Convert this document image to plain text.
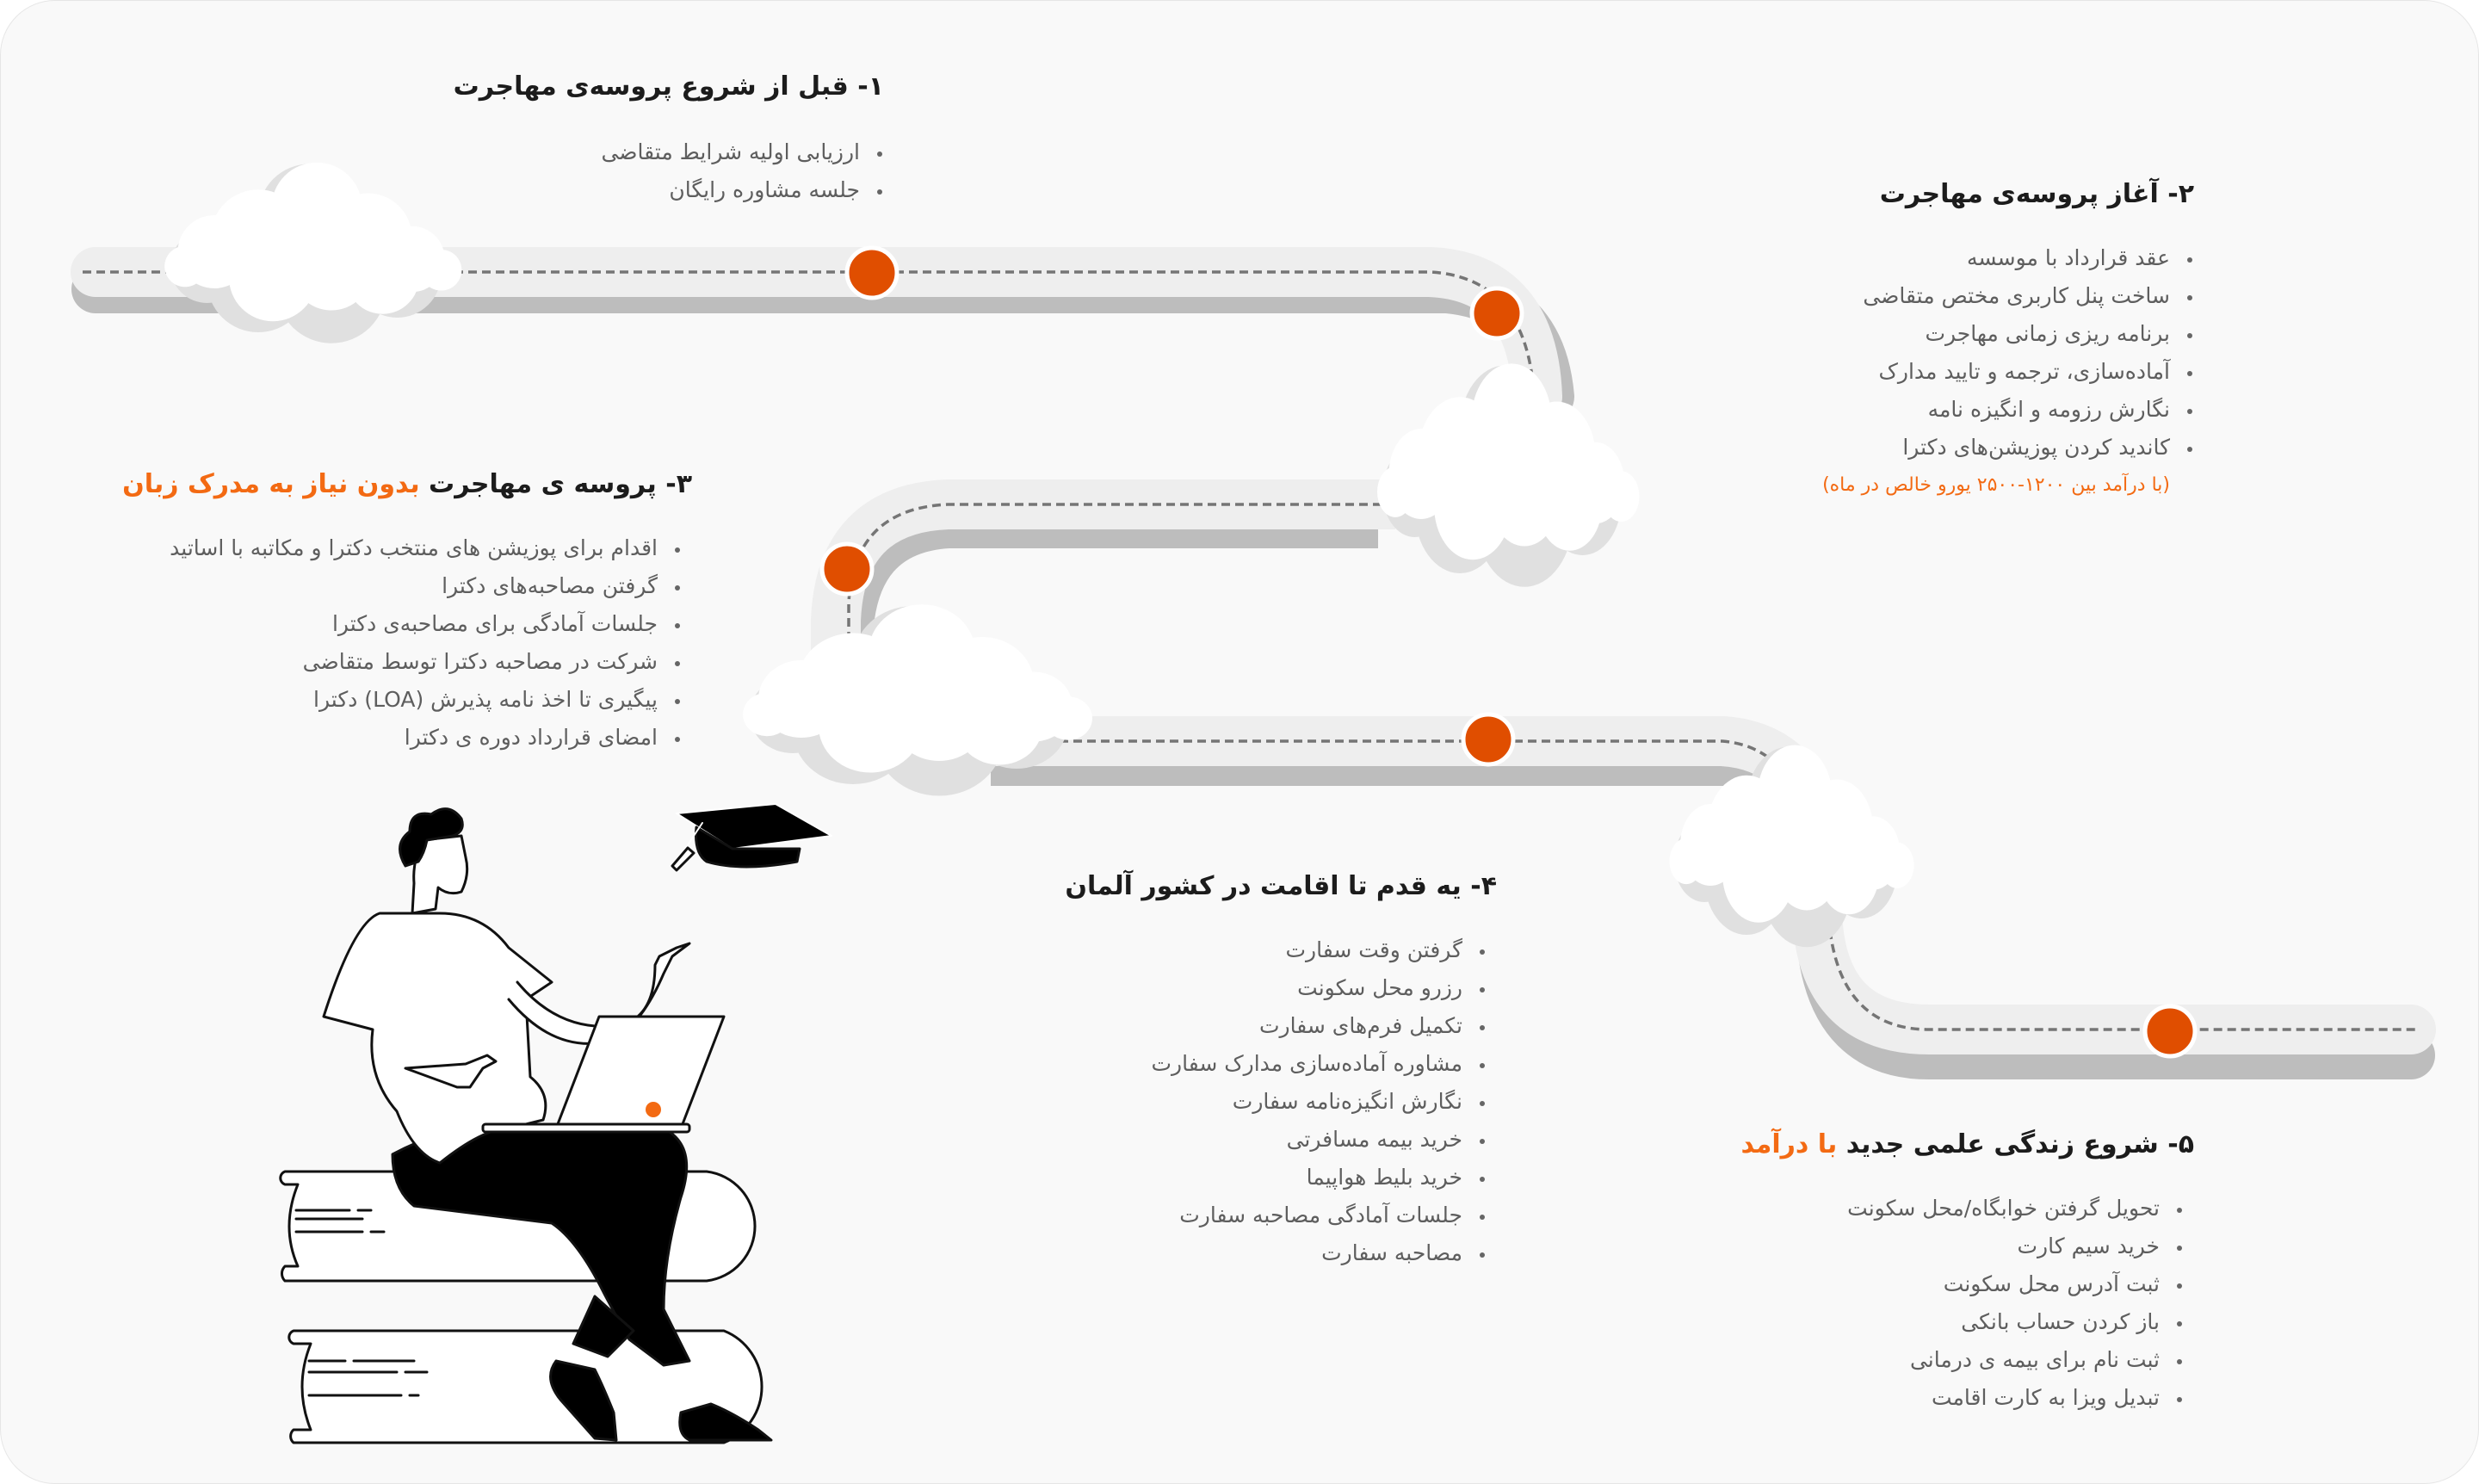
۱- قبل از شروع پروسه‌ی مهاجرت
ارزیابی اولیه شرایط متقاضی
جلسه مشاوره رایگان	۲- آغاز پروسه‌ی مهاجرت
عقد قرارداد با موسسه
ساخت پنل کاربری مختص متقاضی
برنامه ریزی زمانی مهاجرت
آماده‌سازی، ترجمه و تایید مدارک
نگارش رزومه و انگیزه نامه
کاندید کردن پوزیشن‌های دکترا
(با درآمد بین ۱۲۰۰-۲۵۰۰ یورو خالص در ماه)
۳- پروسه ی مهاجرت بدون نیاز به مدرک زبان
اقدام برای پوزیشن های منتخب دکترا و مکاتبه با اساتید
گرفتن مصاحبه‌های دکترا
جلسات آمادگی برای مصاحبه‌ی دکترا
شرکت در مصاحبه دکترا توسط متقاضی
پیگیری تا اخذ نامه پذیرش (LOA) دکترا
امضای قرارداد دوره ی دکترا
۴- یه قدم تا اقامت در کشور آلمان
گرفتن وقت سفارت
رزرو محل سکونت
تکمیل فرم‌های سفارت
مشاوره آماده‌سازی مدارک سفارت
نگارش انگیزه‌نامه سفارت
خرید بیمه مسافرتی
خرید بلیط هواپیما
جلسات آمادگی مصاحبه سفارت
مصاحبه سفارت
۵- شروع زندگی علمی جدید با درآمد
تحویل گرفتن خوابگاه/محل سکونت
خرید سیم کارت
ثبت آدرس محل سکونت
باز کردن حساب بانکی
ثبت نام برای بیمه ی درمانی
تبدیل ویزا به کارت اقامت
